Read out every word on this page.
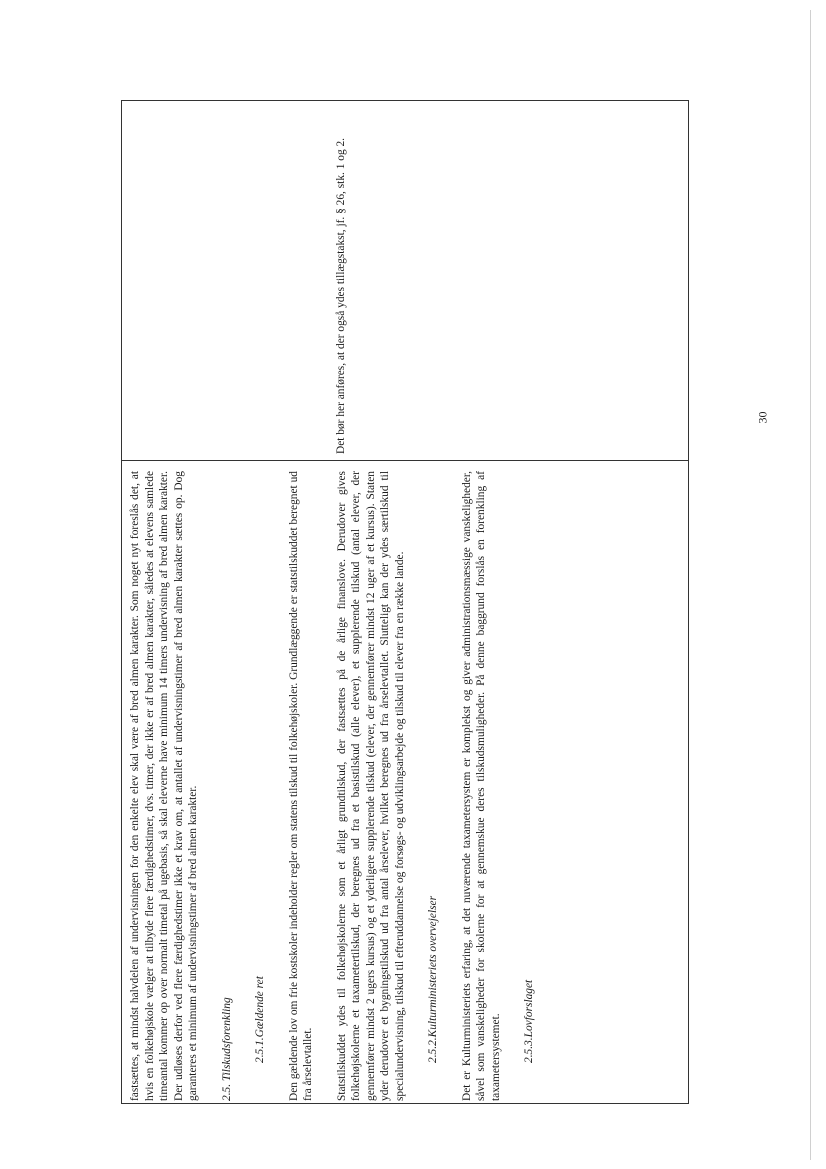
fastsættes, at mindst halvdelen af undervisningen for den enkelte elev skal være af bred almen karakter. Som noget nyt foreslås det, at hvis en folkehøjskole vælger at tilbyde flere færdighedstimer, dvs. timer, der ikke er af bred almen karakter, således at elevens samlede timeantal kommer op over normalt timetal på ugebasis, så skal eleverne have minimum 14 timers undervisning af bred almen karakter. Der udløses derfor ved flere færdighedstimer ikke et krav om, at antallet af undervisningstimer af bred almen karakter sættes op. Dog garanteres et minimum af undervisningstimer af bred almen karakter. 2.5. Tilskudsforenkling 2.5.1.Gældende ret Den gældende lov om frie kostskoler indeholder regler om statens tilskud til folkehøjskoler. Grundlæggende er statstilskuddet beregnet ud fra årselevtallet. Statstilskuddet ydes til folkehøjskolerne som et årligt grundtilskud, der fastsættes på de årlige finanslove. Derudover gives folkehøjskolerne et taxametertilskud, der beregnes ud fra et basistilskud (alle elever), et supplerende tilskud (antal elever, der gennemfører mindst 2 ugers kursus) og et yderligere supplerende tilskud (elever, der gennemfører mindst 12 uger af et kursus). Staten yder derudover et bygningstilskud ud fra antal årselever, hvilket beregnes ud fra årselevtallet. Slutteligt kan der ydes særtilskud til specialundervisning, tilskud til efteruddannelse og forsøgs- og udviklingsarbejde og tilskud til elever fra en række lande. 2.5.2.Kulturministeriets overvejelser Det er Kulturministeriets erfaring, at det nuværende taxametersystem er komplekst og giver administrationsmæssige vanskeligheder, såvel som vanskeligheder for skolerne for at gennemskue deres tilskudsmuligheder. På denne baggrund forslås en forenkling af taxametersystemet. 2.5.3.Lovforslaget

Det bør her anføres, at der også ydes tillægstakst, jf. § 26, stk. 1 og 2.	30
